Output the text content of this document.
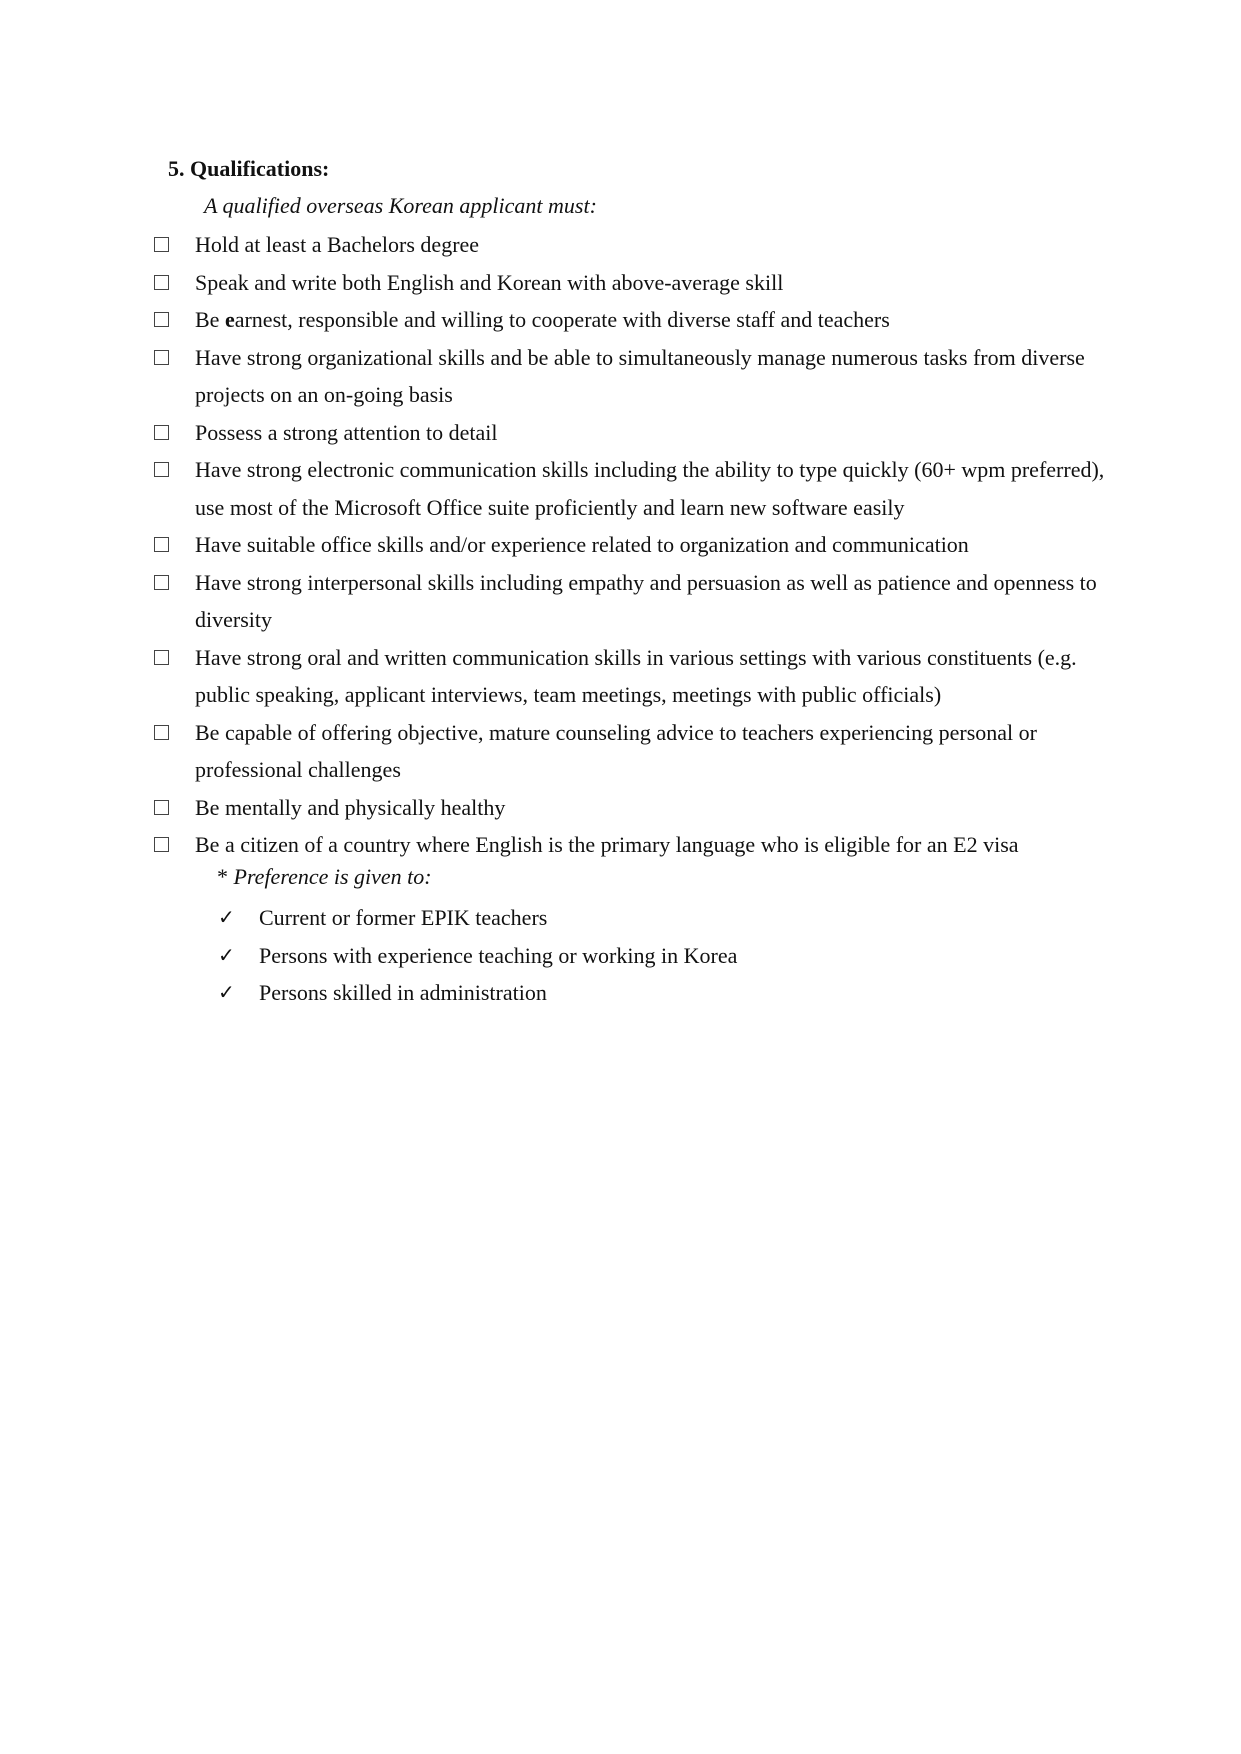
5. Qualifications:
A qualified overseas Korean applicant must:
Hold at least a Bachelors degree
Speak and write both English and Korean with above-average skill
Be earnest, responsible and willing to cooperate with diverse staff and teachers
Have strong organizational skills and be able to simultaneously manage numerous tasks from diverse projects on an on-going basis
Possess a strong attention to detail
Have strong electronic communication skills including the ability to type quickly (60+ wpm preferred), use most of the Microsoft Office suite proficiently and learn new software easily
Have suitable office skills and/or experience related to organization and communication
Have strong interpersonal skills including empathy and persuasion as well as patience and openness to diversity
Have strong oral and written communication skills in various settings with various constituents (e.g. public speaking, applicant interviews, team meetings, meetings with public officials)
Be capable of offering objective, mature counseling advice to teachers experiencing personal or professional challenges
Be mentally and physically healthy
Be a citizen of a country where English is the primary language who is eligible for an E2 visa
* Preference is given to:
✓ Current or former EPIK teachers
✓ Persons with experience teaching or working in Korea
✓ Persons skilled in administration
